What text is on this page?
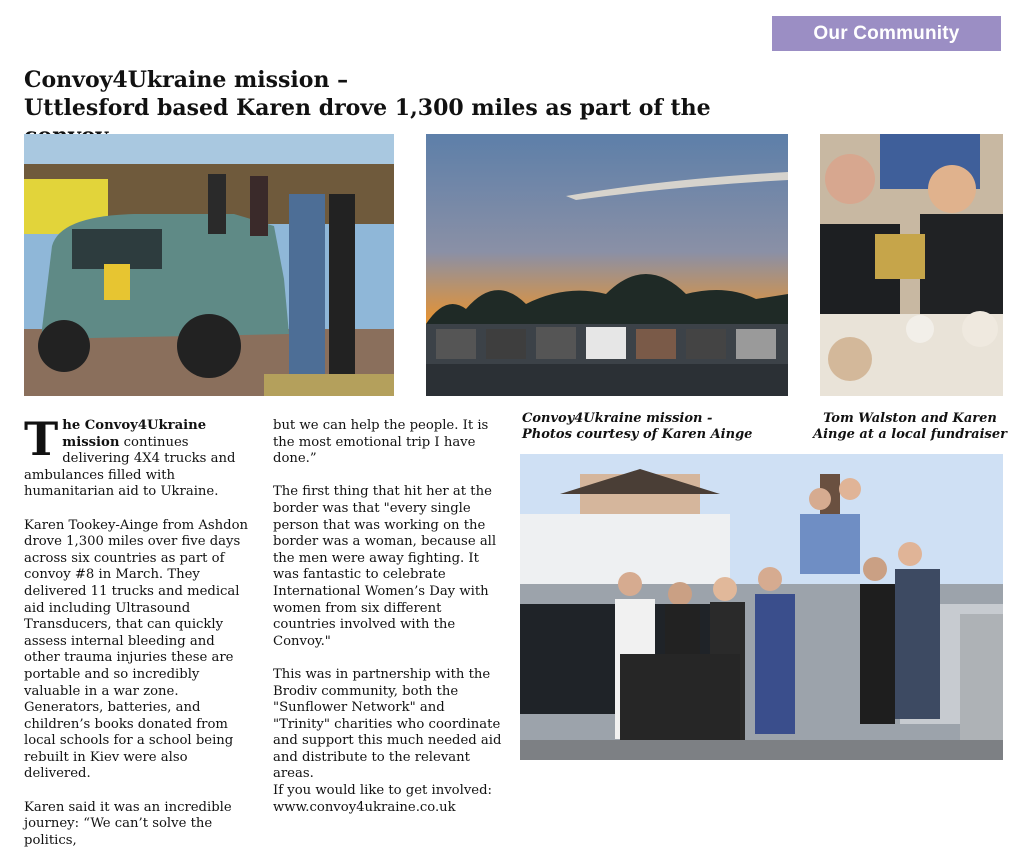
Our Community
Convoy4Ukraine mission –
Uttlesford based Karen drove 1,300 miles as part of the

The Convoy4Ukraine mission continues delivering 4X4 trucks and ambulances filled with humanitarian aid to Ukraine.

Karen Tookey-Ainge from Ashdon drove 1,300 miles over five days across six countries as part of convoy #8 in March. They delivered 11 trucks and medical aid including Ultrasound Transducers, that can quickly assess internal bleeding and other trauma injuries these are portable and so incredibly valuable in a war zone. Generators, batteries, and children’s books donated from local schools for a school being rebuilt in Kiev were also delivered.

Karen said it was an incredible journey: “We can’t solve the politics,

but we can help the people. It is the most emotional trip I have done.”

The first thing that hit her at the border was that "every single person that was working on the border was a woman, because all the men were away fighting. It was fantastic to celebrate International Women’s Day with women from six different countries involved with the Convoy."

This was in partnership with the Brodiv community, both the "Sunflower Network" and "Trinity" charities who coordinate and support this much needed aid and distribute to the relevant areas.

If you would like to get involved:

www.convoy4ukraine.co.uk

Convoy4Ukraine mission -
Photos courtesy of Karen Ainge
Tom Walston and Karen
Ainge at a local fundraiser
